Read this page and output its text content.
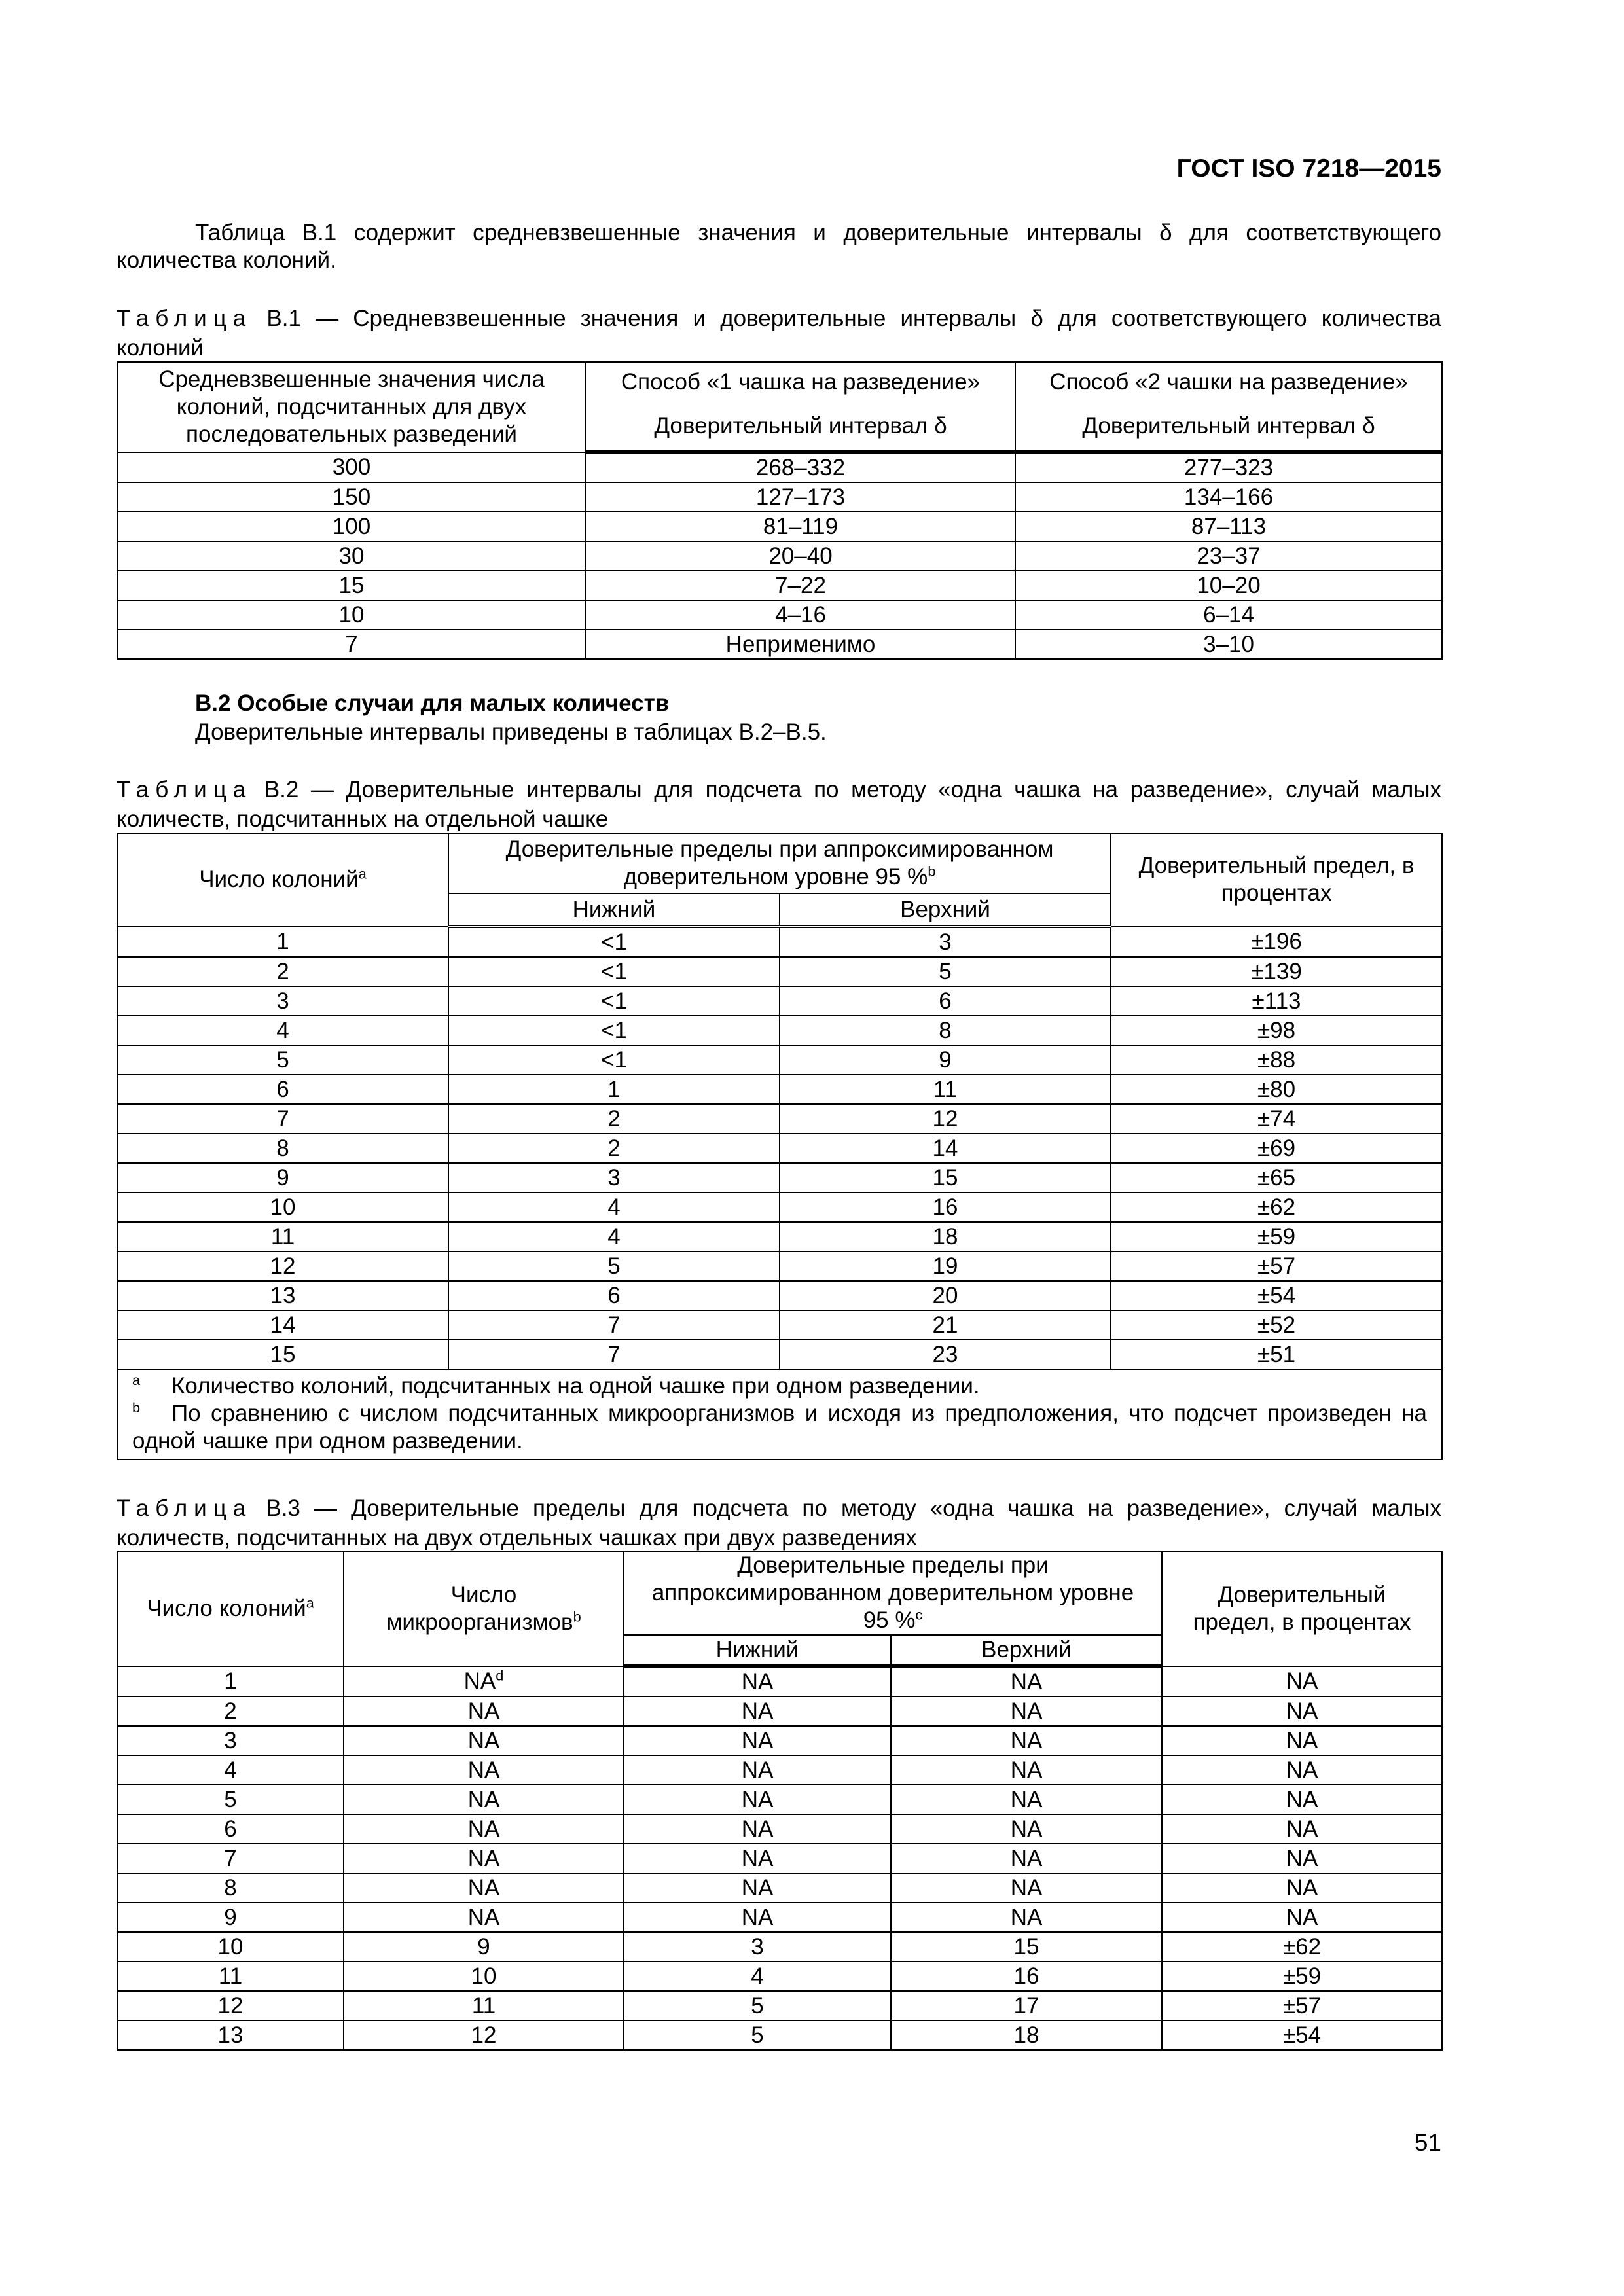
ГОСТ ISO 7218—2015
Таблица В.1 содержит средневзвешенные значения и доверительные интервалы δ для соответствующего количества колоний.
Таблица В.1 — Средневзвешенные значения и доверительные интервалы δ для соответствующего количества колоний
Средневзвешенные значения числа колоний, подсчитанных для двух последовательных разведений	Способ «1 чашка на разведение»	Способ «2 чашки на разведение»
	Доверительный интервал δ	Доверительный интервал δ
300	268–332	277–323
150	127–173	134–166
100	81–119	87–113
30	20–40	23–37
15	7–22	10–20
10	4–16	6–14
7	Неприменимо	3–10
В.2 Особые случаи для малых количеств
Доверительные интервалы приведены в таблицах В.2–В.5.
Таблица В.2 — Доверительные интервалы для подсчета по методу «одна чашка на разведение», случай малых количеств, подсчитанных на отдельной чашке
Число колоний$^a$	Доверительные пределы при аппроксимированном доверительном уровне 95 %$^b$		Доверительный предел, в процентах
	Нижний	Верхний	
1	<1	3	±196
2	<1	5	±139
3	<1	6	±113
4	<1	8	±98
5	<1	9	±88
6	1	11	±80
7	2	12	±74
8	2	14	±69
9	3	15	±65
10	4	16	±62
11	4	18	±59
12	5	19	±57
13	6	20	±54
14	7	21	±52
15	7	23	±51

$^a$ Количество колоний, подсчитанных на одной чашке при одном разведении.
$^b$ По сравнению с числом подсчитанных микроорганизмов и исходя из предположения, что подсчет произведен на одной чашке при одном разведении.			
Таблица В.3 — Доверительные пределы для подсчета по методу «одна чашка на разведение», случай малых количеств, подсчитанных на двух отдельных чашках при двух разведениях
Число колоний$^a$	Число микроорганизмов$^b$	Доверительные пределы при аппроксимированном доверительном уровне 95 %$^c$		Доверительный предел, в процентах
		Нижний	Верхний	
1	$NA^d$	NA	NA	NA
2	NA	NA	NA	NA
3	NA	NA	NA	NA
4	NA	NA	NA	NA
5	NA	NA	NA	NA
6	NA	NA	NA	NA
7	NA	NA	NA	NA
8	NA	NA	NA	NA
9	NA	NA	NA	NA
10	9	3	15	±62
11	10	4	16	±59
12	11	5	17	±57
13	12	5	18	±54
51
